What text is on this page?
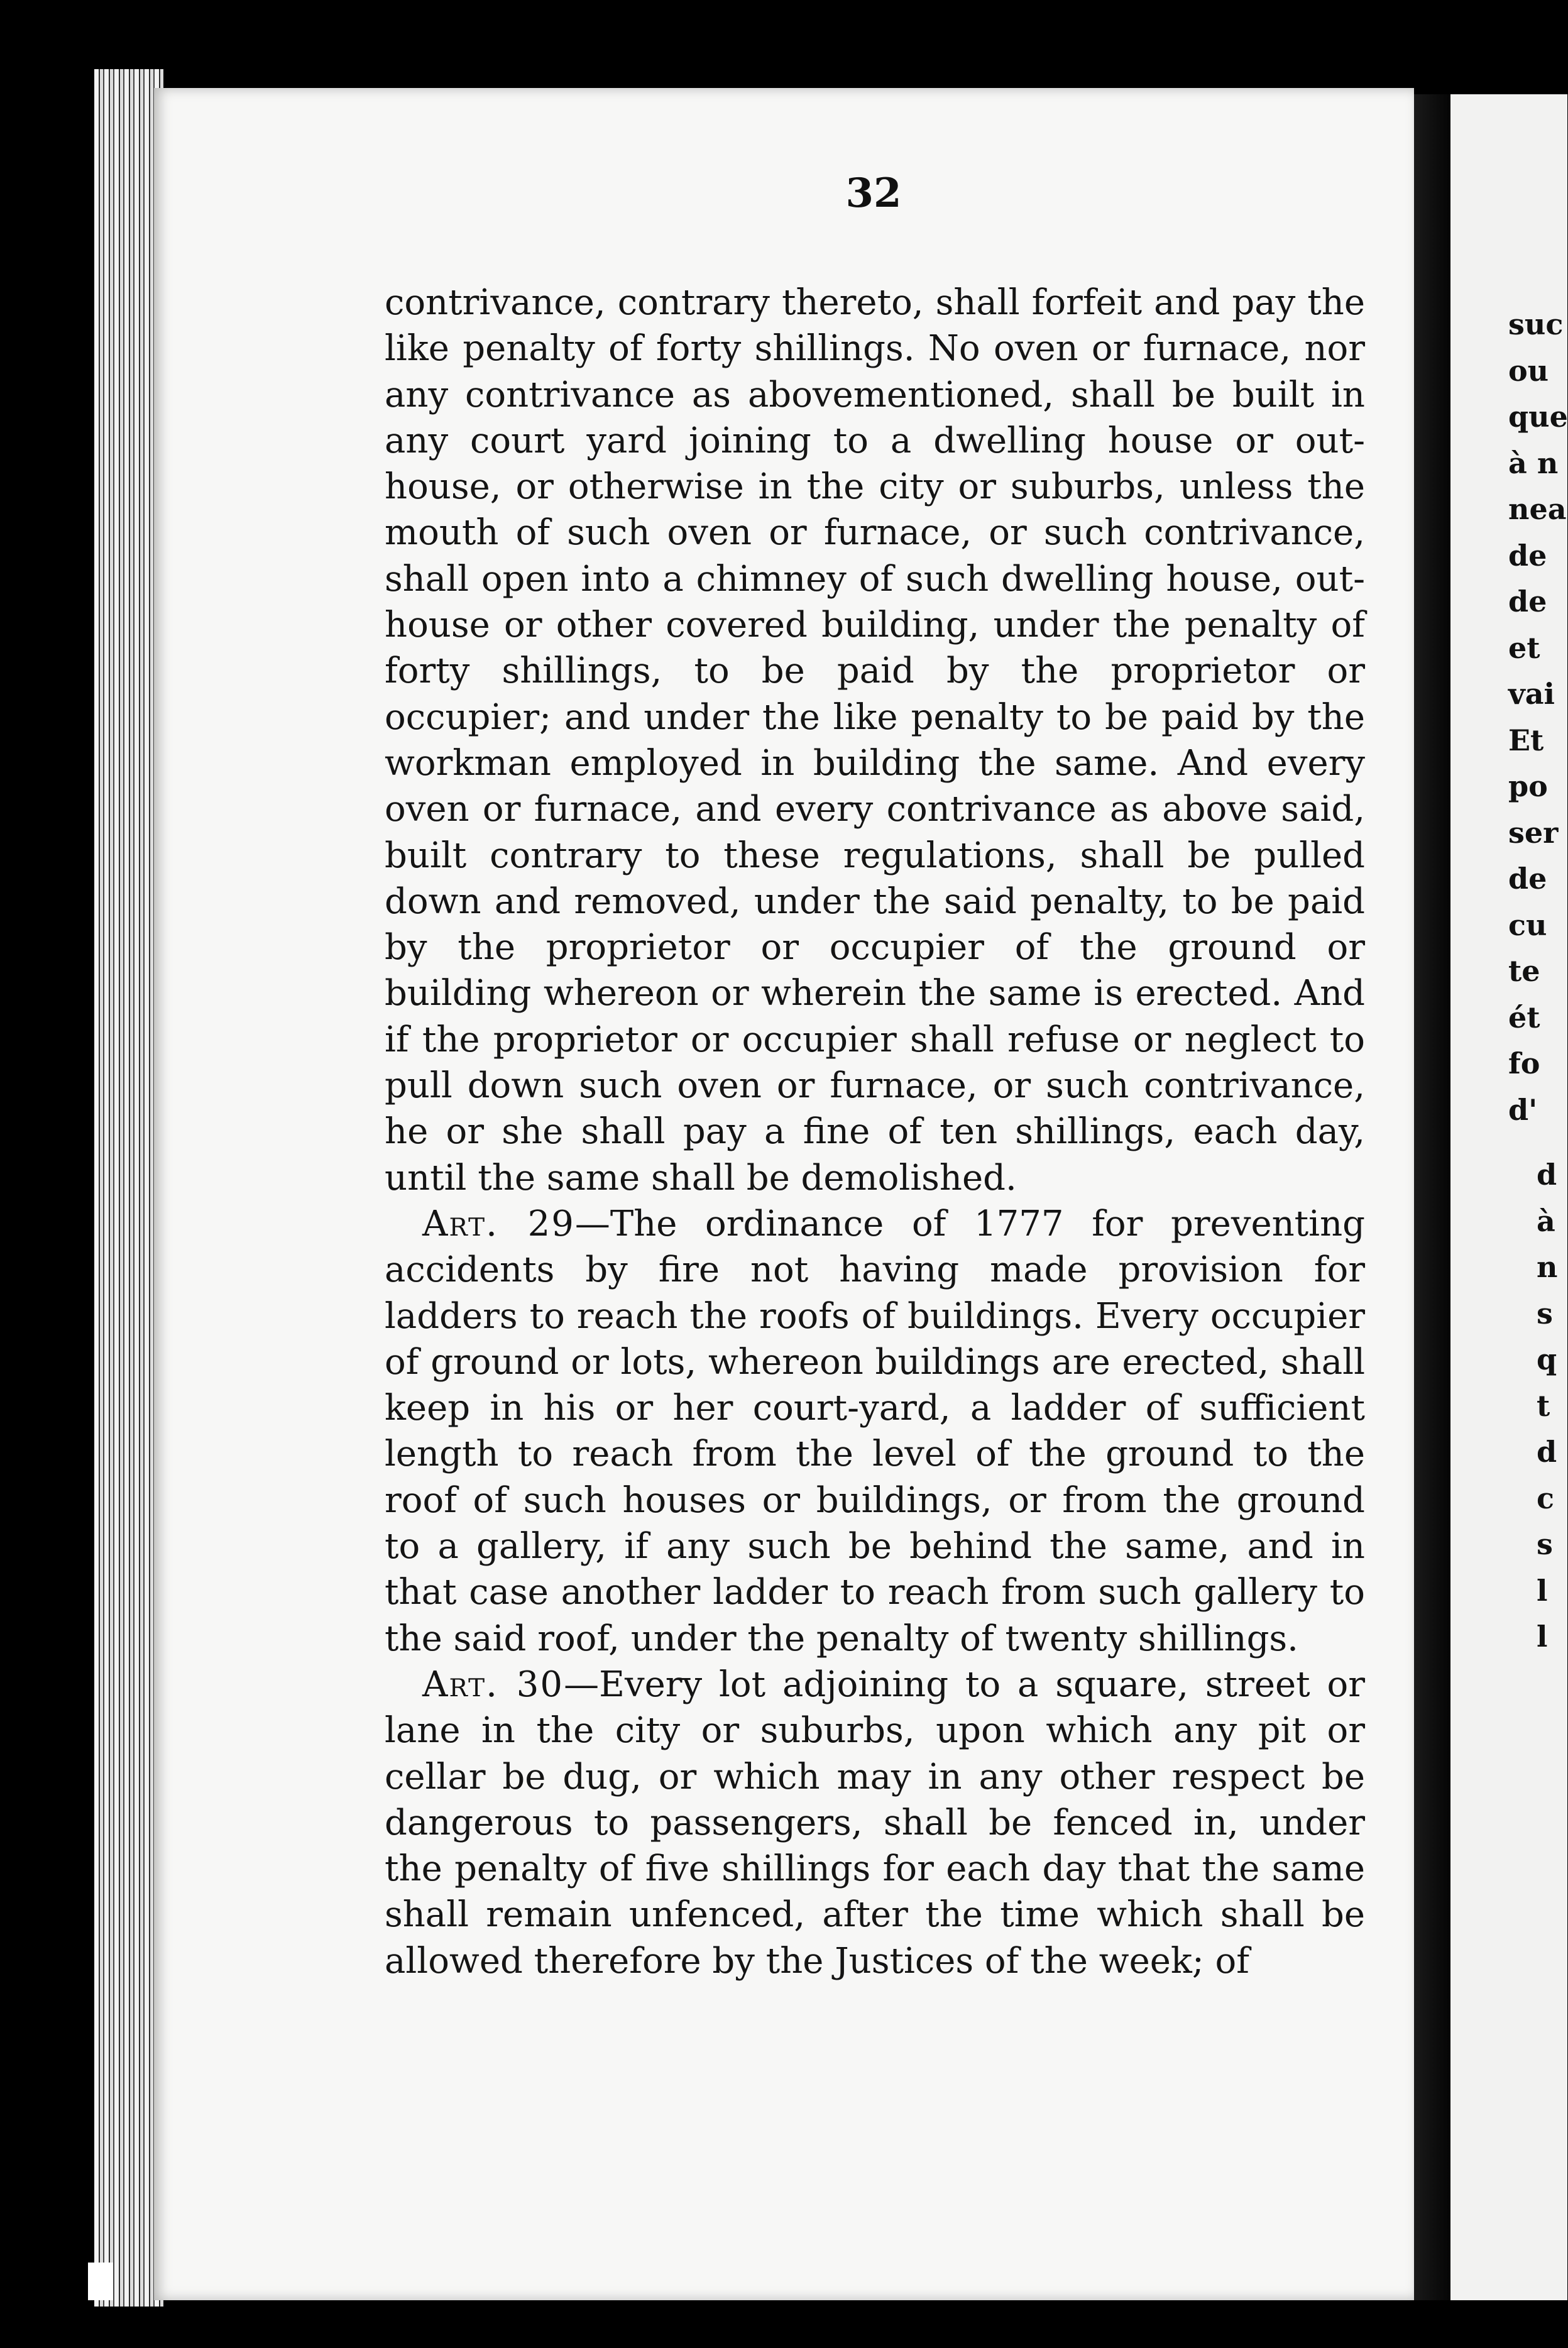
32

contrivance, contrary thereto, shall forfeit and pay the like penalty of forty shillings. No oven or furnace, nor any contrivance as abovementioned, shall be built in any court yard joining to a dwelling house or out-house, or otherwise in the city or suburbs, unless the mouth of such oven or furnace, or such contrivance, shall open into a chimney of such dwelling house, out-house or other covered building, under the penalty of forty shillings, to be paid by the proprietor or occupier; and under the like penalty to be paid by the workman employed in building the same. And every oven or furnace, and every contrivance as above said, built contrary to these regulations, shall be pulled down and removed, under the said penalty, to be paid by the proprietor or occupier of the ground or building whereon or wherein the same is erected. And if the proprietor or occupier shall refuse or neglect to pull down such oven or furnace, or such contrivance, he or she shall pay a fine of ten shillings, each day, until the same shall be demolished.

Art. 29—The ordinance of 1777 for preventing accidents by fire not having made provision for ladders to reach the roofs of buildings. Every occupier of ground or lots, whereon buildings are erected, shall keep in his or her court-yard, a ladder of sufficient length to reach from the level of the ground to the roof of such houses or buildings, or from the ground to a gallery, if any such be behind the same, and in that case another ladder to reach from such gallery to the said roof, under the penalty of twenty shillings.

Art. 30—Every lot adjoining to a square, street or lane in the city or suburbs, upon which any pit or cellar be dug, or which may in any other respect be dangerous to passengers, shall be fenced in, under the penalty of five shillings for each day that the same shall remain unfenced, after the time which shall be allowed therefore by the Justices of the week; of

suc
ou
que
à n
nea
de
de
et
vai
Et
po
ser
de
cu
te
ét
fo
d'
d
à
n
s
q
t
d
c
s
l
l
